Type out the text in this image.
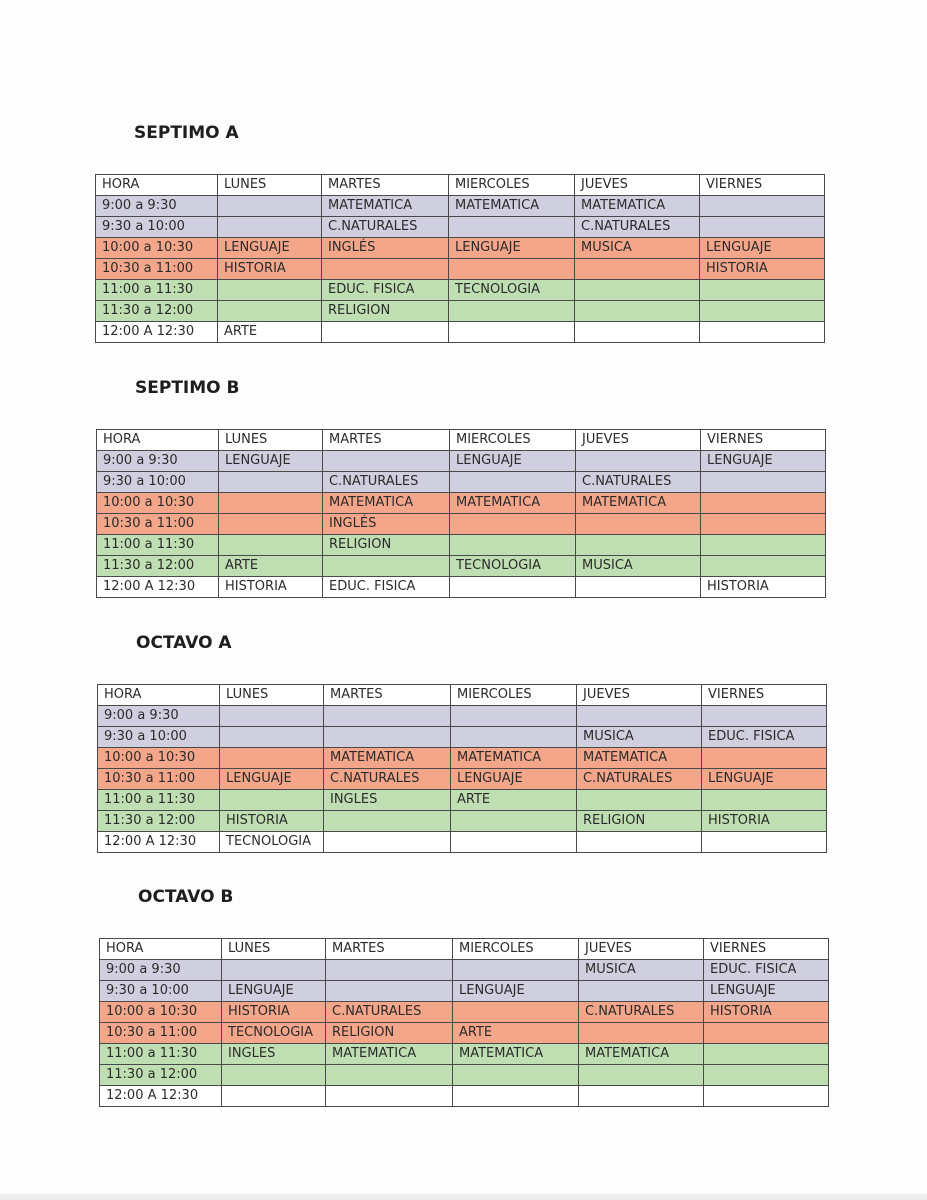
SEPTIMO A
HORA	LUNES	MARTES	MIERCOLES	JUEVES	VIERNES
9:00 a 9:30		MATEMATICA	MATEMATICA	MATEMATICA	
9:30 a 10:00		C.NATURALES		C.NATURALES	
10:00 a 10:30	LENGUAJE	INGLÉS	LENGUAJE	MUSICA	LENGUAJE
10:30 a 11:00	HISTORIA				HISTORIA
11:00 a 11:30		EDUC. FISICA	TECNOLOGIA		
11:30 a 12:00		RELIGION			
12:00 A 12:30	ARTE				
SEPTIMO B
HORA	LUNES	MARTES	MIERCOLES	JUEVES	VIERNES
9:00 a 9:30	LENGUAJE		LENGUAJE		LENGUAJE
9:30 a 10:00		C.NATURALES		C.NATURALES	
10:00 a 10:30		MATEMATICA	MATEMATICA	MATEMATICA	
10:30 a 11:00		INGLÉS			
11:00 a 11:30		RELIGION			
11:30 a 12:00	ARTE		TECNOLOGIA	MUSICA	
12:00 A 12:30	HISTORIA	EDUC. FISICA			HISTORIA
OCTAVO A
HORA	LUNES	MARTES	MIERCOLES	JUEVES	VIERNES
9:00 a 9:30					
9:30 a 10:00				MUSICA	EDUC. FISICA
10:00 a 10:30		MATEMATICA	MATEMATICA	MATEMATICA	
10:30 a 11:00	LENGUAJE	C.NATURALES	LENGUAJE	C.NATURALES	LENGUAJE
11:00 a 11:30		INGLES	ARTE		
11:30 a 12:00	HISTORIA			RELIGION	HISTORIA
12:00 A 12:30	TECNOLOGIA				
OCTAVO B
HORA	LUNES	MARTES	MIERCOLES	JUEVES	VIERNES
9:00 a 9:30				MUSICA	EDUC. FISICA
9:30 a 10:00	LENGUAJE		LENGUAJE		LENGUAJE
10:00 a 10:30	HISTORIA	C.NATURALES		C.NATURALES	HISTORIA
10:30 a 11:00	TECNOLOGIA	RELIGION	ARTE		
11:00 a 11:30	INGLES	MATEMATICA	MATEMATICA	MATEMATICA	
11:30 a 12:00					
12:00 A 12:30					
